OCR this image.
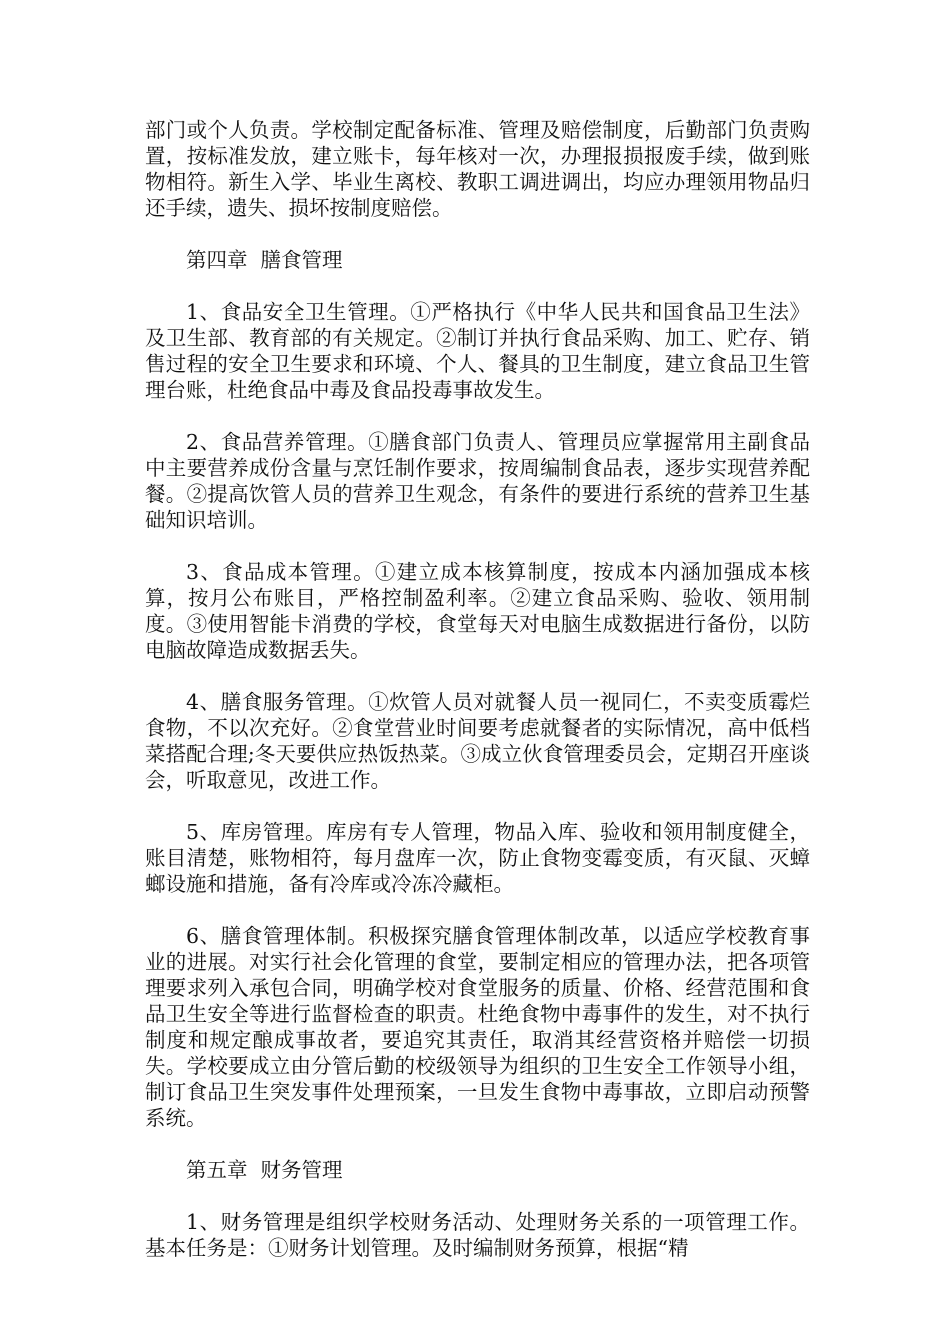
部门或个人负责。学校制定配备标准、管理及赔偿制度，后勤部门负责购置，按标准发放，建立账卡，每年核对一次，办理报损报废手续，做到账物相符。新生入学、毕业生离校、教职工调进调出，均应办理领用物品归还手续，遗失、损坏按制度赔偿。

第四章  膳食管理

1、食品安全卫生管理。①严格执行《中华人民共和国食品卫生法》及卫生部、教育部的有关规定。②制订并执行食品采购、加工、贮存、销售过程的安全卫生要求和环境、个人、餐具的卫生制度，建立食品卫生管理台账，杜绝食品中毒及食品投毒事故发生。

2、食品营养管理。①膳食部门负责人、管理员应掌握常用主副食品中主要营养成份含量与烹饪制作要求，按周编制食品表，逐步实现营养配餐。②提高饮管人员的营养卫生观念，有条件的要进行系统的营养卫生基础知识培训。

3、食品成本管理。①建立成本核算制度，按成本内涵加强成本核算，按月公布账目，严格控制盈利率。②建立食品采购、验收、领用制度。③使用智能卡消费的学校，食堂每天对电脑生成数据进行备份，以防电脑故障造成数据丢失。

4、膳食服务管理。①炊管人员对就餐人员一视同仁，不卖变质霉烂食物，不以次充好。②食堂营业时间要考虑就餐者的实际情况，高中低档菜搭配合理;冬天要供应热饭热菜。③成立伙食管理委员会，定期召开座谈会，听取意见，改进工作。

5、库房管理。库房有专人管理，物品入库、验收和领用制度健全，账目清楚，账物相符，每月盘库一次，防止食物变霉变质，有灭鼠、灭蟑螂设施和措施，备有冷库或冷冻冷藏柜。

6、膳食管理体制。积极探究膳食管理体制改革，以适应学校教育事业的进展。对实行社会化管理的食堂，要制定相应的管理办法，把各项管理要求列入承包合同，明确学校对食堂服务的质量、价格、经营范围和食品卫生安全等进行监督检查的职责。杜绝食物中毒事件的发生，对不执行制度和规定酿成事故者，要追究其责任，取消其经营资格并赔偿一切损失。学校要成立由分管后勤的校级领导为组织的卫生安全工作领导小组，制订食品卫生突发事件处理预案，一旦发生食物中毒事故，立即启动预警系统。

第五章  财务管理

1、财务管理是组织学校财务活动、处理财务关系的一项管理工作。基本任务是：①财务计划管理。及时编制财务预算，根据“精
